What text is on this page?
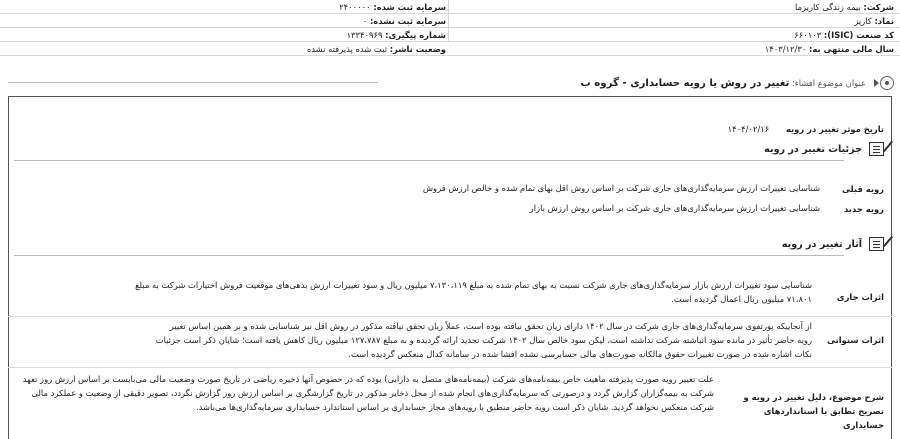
شرکت: بیمه زندگی کاریزما
سرمایه ثبت شده: ۲۴۰۰۰۰۰
نماد: کاریز
سرمایه ثبت نشده: ۰
کد صنعت (ISIC): ۶۶۰۱۰۳
شماره پیگیری: ۱۳۳۴۰۹۶۹
سال مالی منتهی به: ۱۴۰۳/۱۲/۳۰
وضعیت ناشر: ثبت شده پذیرفته نشده
عنوان موضوع افشاء: تغییر در روش یا رویه حسابداری - گروه ب
تاریخ موثر تغییر در رویه ۱۴۰۴/۰۲/۱۶
جزئیات تغییر در رویه
رویه قبلی
شناسایی تغییرات ارزش سرمایه‌گذاری‌های جاری شرکت بر اساس روش اقل بهای تمام شده و خالص ارزش فروش
رویه جدید
شناسایی تغییرات ارزش سرمایه‌گذاری‌های جاری شرکت بر اساس روش ارزش بازار
آثار تغییر در رویه
اثرات جاری
شناسایی سود تغییرات ارزش بازار سرمایه‌گذاری‌های جاری شرکت نسبت به بهای تمام شده به مبلغ ۷،۱۳۰،۱۱۹ میلیون ریال و سود تغییرات ارزش بدهی‌های موقعیت فروش اختیارات شرکت به مبلغ
۷۱،۸۰۱ میلیون ریال اعمال گردیده است.
اثرات سنواتی
از آنجاییکه پورتفوی سرمایه‌گذاری‌های جاری شرکت در سال ۱۴۰۲ دارای زیان تحقق نیافته بوده است، عملاً زیان تحقق نیافته مذکور در روش اقل نیز شناسایی شده و بر همین اساس تغییر
رویه حاضر تأثیر در مانده سود انباشته شرکت نداشته است، لیکن سود خالص سال ۱۴۰۲ شرکت تجدید ارائه گردیده و به مبلغ ۱۲۷،۷۸۷ میلیون ریال کاهش یافته است؛ شایان ذکر است جزئیات
نکات اشاره شده در صورت تغییرات حقوق مالکانه صورت‌های مالی حسابرسی نشده افشا شده در سامانه کدال منعکس گردیده است.
شرح موضوع، دلیل تغییر در رویه و تصریح تطابق با استانداردهای حسابداری
علت تغییر رویه صورت پذیرفته ماهیت خاص بیمه‌نامه‌های شرکت (بیمه‌نامه‌های متصل به دارایی) بوده که در خصوص آنها ذخیره ریاضی در تاریخ صورت وضعیت مالی می‌بایست بر اساس ارزش روز تعهد
شرکت به بیمه‌گزاران گزارش گردد و درصورتی که سرمایه‌گذاری‌های انجام شده از محل ذخایر مذکور در تاریخ گزارشگری بر اساس ارزش روز گزارش نگردد، تصویر دقیقی از وضعیت و عملکرد مالی
شرکت منعکس نخواهد گردید. شایان ذکر است رویه حاضر منطبق با رویه‌های مجاز حسابداری بر اساس استاندارد حسابداری سرمایه‌گذاری‌ها می‌باشد.
